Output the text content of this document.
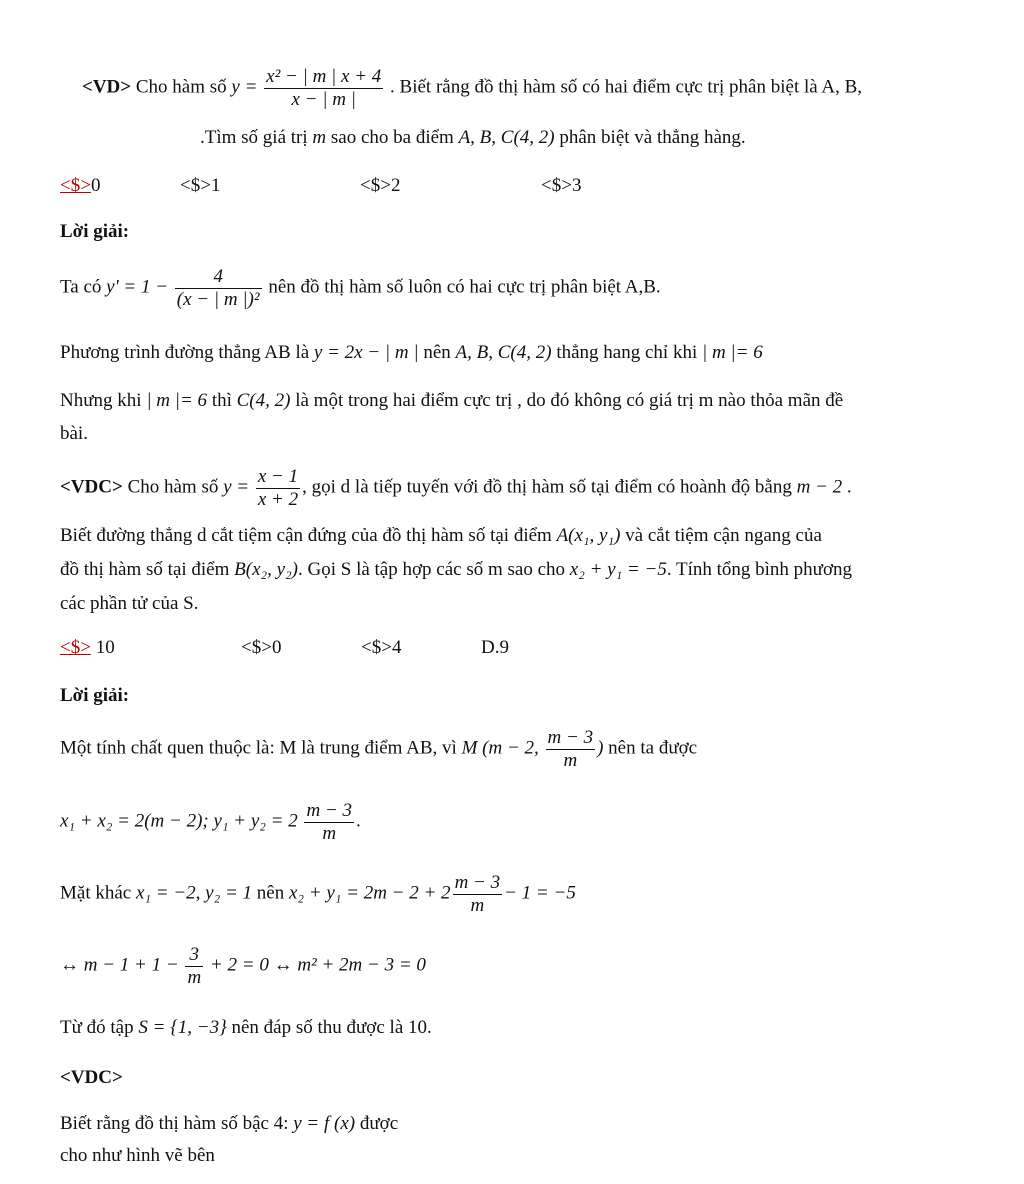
<VD> Cho hàm số $y = \frac{\text{x² − | m | x + 4}}{x - | m |}$ . Biết rằng đồ thị hàm số có hai điểm cực trị phân biệt là A, B,
.Tìm số giá trị m sao cho ba điểm A, B, C(4, 2) phân biệt và thẳng hàng.
<$>0	<$>1	<$>2	<$>3
Lời giải:
Ta có $y' = 1 - \frac{4}{\text{(x − | m |)²}}$ nên đồ thị hàm số luôn có hai cực trị phân biệt A,B.
Phương trình đường thẳng AB là y = 2x − | m | nên A, B, C(4, 2) thẳng hang chỉ khi | m |= 6
Nhưng khi | m |= 6 thì C(4, 2) là một trong hai điểm cực trị , do đó không có giá trị m nào thỏa mãn đề
bài.
<VDC> Cho hàm số $y = \frac{x - 1}{x + 2}$ , gọi d là tiếp tuyến với đồ thị hàm số tại điểm có hoành độ bằng m − 2 .
Biết đường thẳng d cắt tiệm cận đứng của đồ thị hàm số tại điểm A(x₁, y₁) và cắt tiệm cận ngang của
đồ thị hàm số tại điểm B(x₂, y₂). Gọi S là tập hợp các số m sao cho x₂ + y₁ = −5. Tính tổng bình phương
các phần tử của S.
<$> 10	<$>0	<$>4	D.9
Lời giải:
Một tính chất quen thuộc là: M là trung điểm AB, vì M (m − 2, $\frac{m - 3}{m}$ ) nên ta được
x₁ + x₂ = 2(m − 2); $y_1 + y_2 = 2 \frac{m - 3}{m}$ .
Mặt khác x₁ = −2, y₂ = 1 nên $x_2 + y_1 = 2m - 2 + 2 \frac{m - 3}{m} - 1 = -5$
↔ $m - 1 + 1 - \frac{3}{m} + 2 = 0$ ↔ m² + 2m − 3 = 0
Từ đó tập S = {1, −3} nên đáp số thu được là 10.
<VDC>
Biết rằng đồ thị hàm số bậc 4: y = f (x) được
cho như hình vẽ bên
